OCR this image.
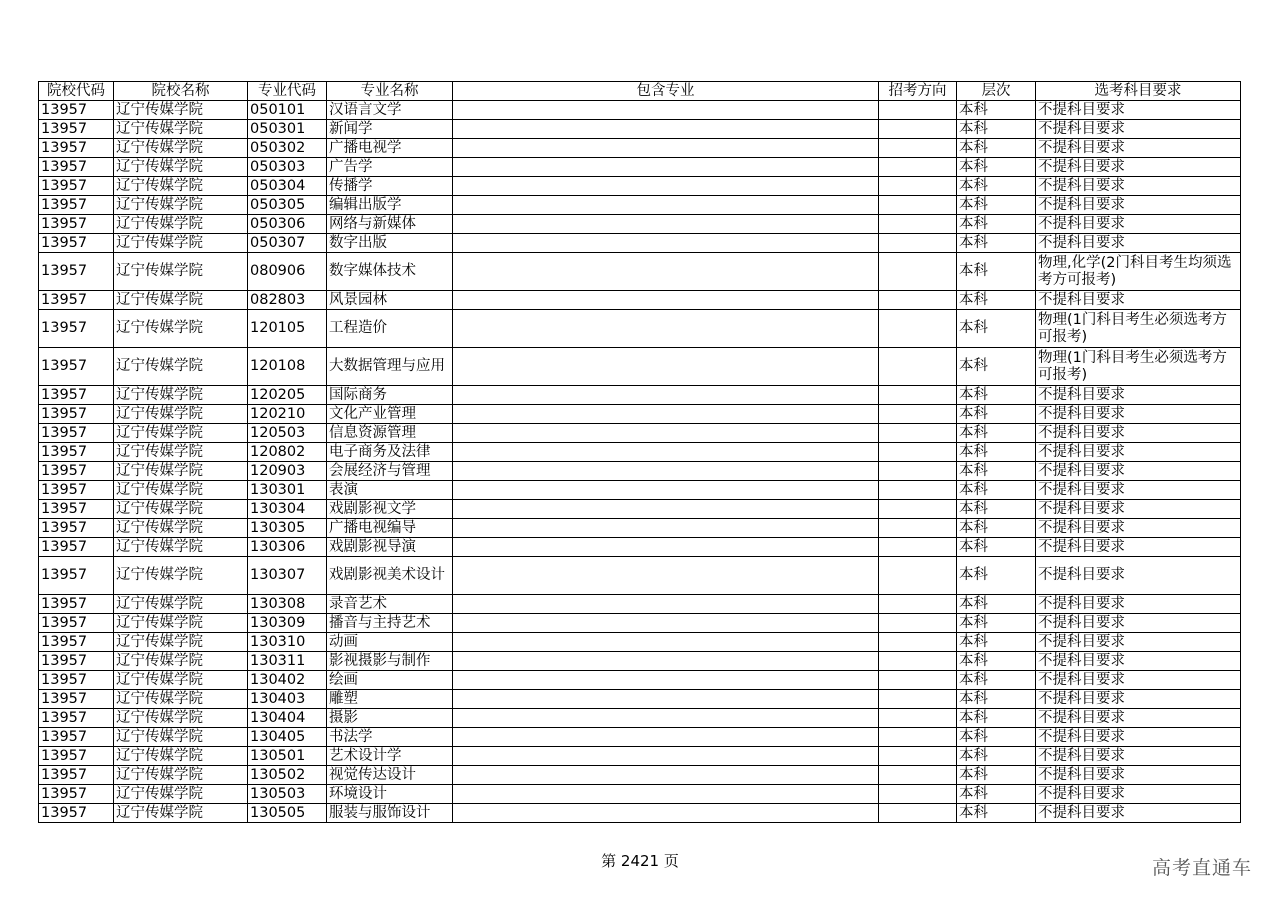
院校代码	院校名称	专业代码	专业名称	包含专业	招考方向	层次	选考科目要求
13957	辽宁传媒学院	050101	汉语言文学			本科	不提科目要求
13957	辽宁传媒学院	050301	新闻学			本科	不提科目要求
13957	辽宁传媒学院	050302	广播电视学			本科	不提科目要求
13957	辽宁传媒学院	050303	广告学			本科	不提科目要求
13957	辽宁传媒学院	050304	传播学			本科	不提科目要求
13957	辽宁传媒学院	050305	编辑出版学			本科	不提科目要求
13957	辽宁传媒学院	050306	网络与新媒体			本科	不提科目要求
13957	辽宁传媒学院	050307	数字出版			本科	不提科目要求
13957	辽宁传媒学院	080906	数字媒体技术			本科	物理,化学(2门科目考生均须选考方可报考)
13957	辽宁传媒学院	082803	风景园林			本科	不提科目要求
13957	辽宁传媒学院	120105	工程造价			本科	物理(1门科目考生必须选考方可报考)
13957	辽宁传媒学院	120108	大数据管理与应用			本科	物理(1门科目考生必须选考方可报考)
13957	辽宁传媒学院	120205	国际商务			本科	不提科目要求
13957	辽宁传媒学院	120210	文化产业管理			本科	不提科目要求
13957	辽宁传媒学院	120503	信息资源管理			本科	不提科目要求
13957	辽宁传媒学院	120802	电子商务及法律			本科	不提科目要求
13957	辽宁传媒学院	120903	会展经济与管理			本科	不提科目要求
13957	辽宁传媒学院	130301	表演			本科	不提科目要求
13957	辽宁传媒学院	130304	戏剧影视文学			本科	不提科目要求
13957	辽宁传媒学院	130305	广播电视编导			本科	不提科目要求
13957	辽宁传媒学院	130306	戏剧影视导演			本科	不提科目要求
13957	辽宁传媒学院	130307	戏剧影视美术设计			本科	不提科目要求
13957	辽宁传媒学院	130308	录音艺术			本科	不提科目要求
13957	辽宁传媒学院	130309	播音与主持艺术			本科	不提科目要求
13957	辽宁传媒学院	130310	动画			本科	不提科目要求
13957	辽宁传媒学院	130311	影视摄影与制作			本科	不提科目要求
13957	辽宁传媒学院	130402	绘画			本科	不提科目要求
13957	辽宁传媒学院	130403	雕塑			本科	不提科目要求
13957	辽宁传媒学院	130404	摄影			本科	不提科目要求
13957	辽宁传媒学院	130405	书法学			本科	不提科目要求
13957	辽宁传媒学院	130501	艺术设计学			本科	不提科目要求
13957	辽宁传媒学院	130502	视觉传达设计			本科	不提科目要求
13957	辽宁传媒学院	130503	环境设计			本科	不提科目要求
13957	辽宁传媒学院	130505	服装与服饰设计			本科	不提科目要求
第 2421 页	高考直通车
